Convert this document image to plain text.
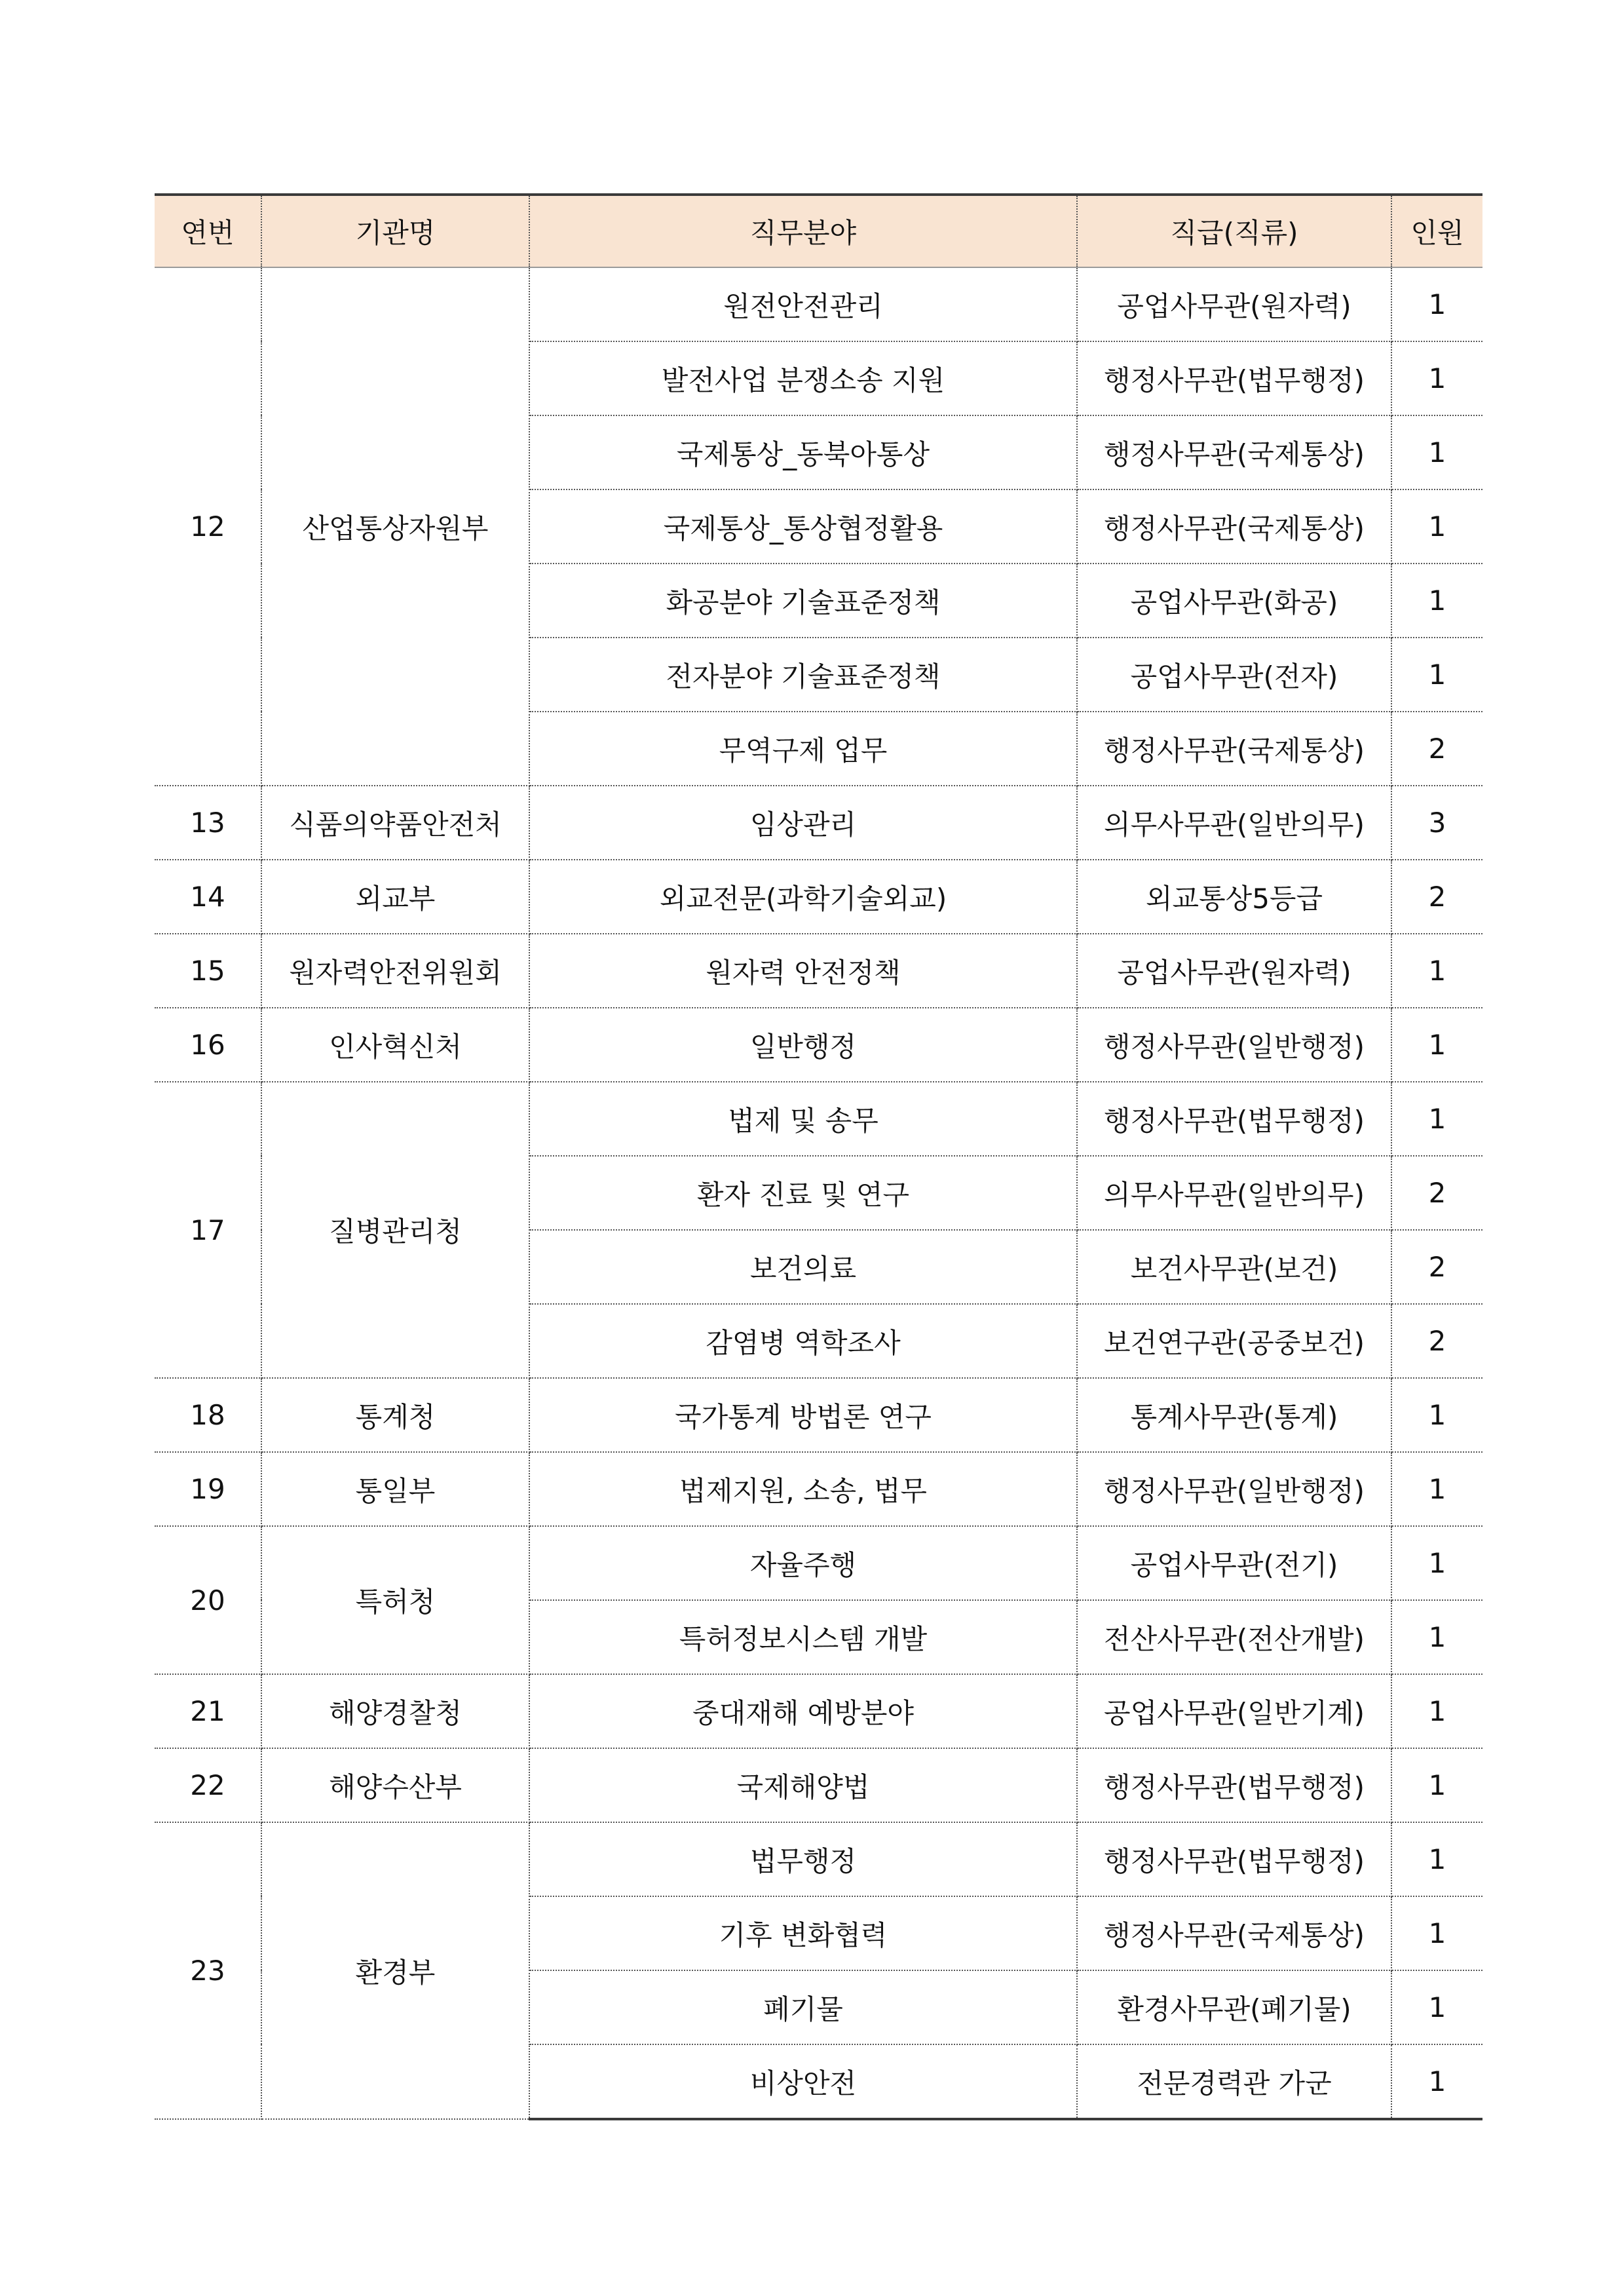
연번	기관명	직무분야	직급(직류)	인원
12	산업통상자원부	원전안전관리	공업사무관(원자력)	1
		발전사업 분쟁소송 지원	행정사무관(법무행정)	1
		국제통상_동북아통상	행정사무관(국제통상)	1
		국제통상_통상협정활용	행정사무관(국제통상)	1
		화공분야 기술표준정책	공업사무관(화공)	1
		전자분야 기술표준정책	공업사무관(전자)	1
		무역구제 업무	행정사무관(국제통상)	2
13	식품의약품안전처	임상관리	의무사무관(일반의무)	3
14	외교부	외교전문(과학기술외교)	외교통상5등급	2
15	원자력안전위원회	원자력 안전정책	공업사무관(원자력)	1
16	인사혁신처	일반행정	행정사무관(일반행정)	1
17	질병관리청	법제 및 송무	행정사무관(법무행정)	1
		환자 진료 및 연구	의무사무관(일반의무)	2
		보건의료	보건사무관(보건)	2
		감염병 역학조사	보건연구관(공중보건)	2
18	통계청	국가통계 방법론 연구	통계사무관(통계)	1
19	통일부	법제지원, 소송, 법무	행정사무관(일반행정)	1
20	특허청	자율주행	공업사무관(전기)	1
		특허정보시스템 개발	전산사무관(전산개발)	1
21	해양경찰청	중대재해 예방분야	공업사무관(일반기계)	1
22	해양수산부	국제해양법	행정사무관(법무행정)	1
23	환경부	법무행정	행정사무관(법무행정)	1
		기후 변화협력	행정사무관(국제통상)	1
		폐기물	환경사무관(폐기물)	1
		비상안전	전문경력관 가군	1
